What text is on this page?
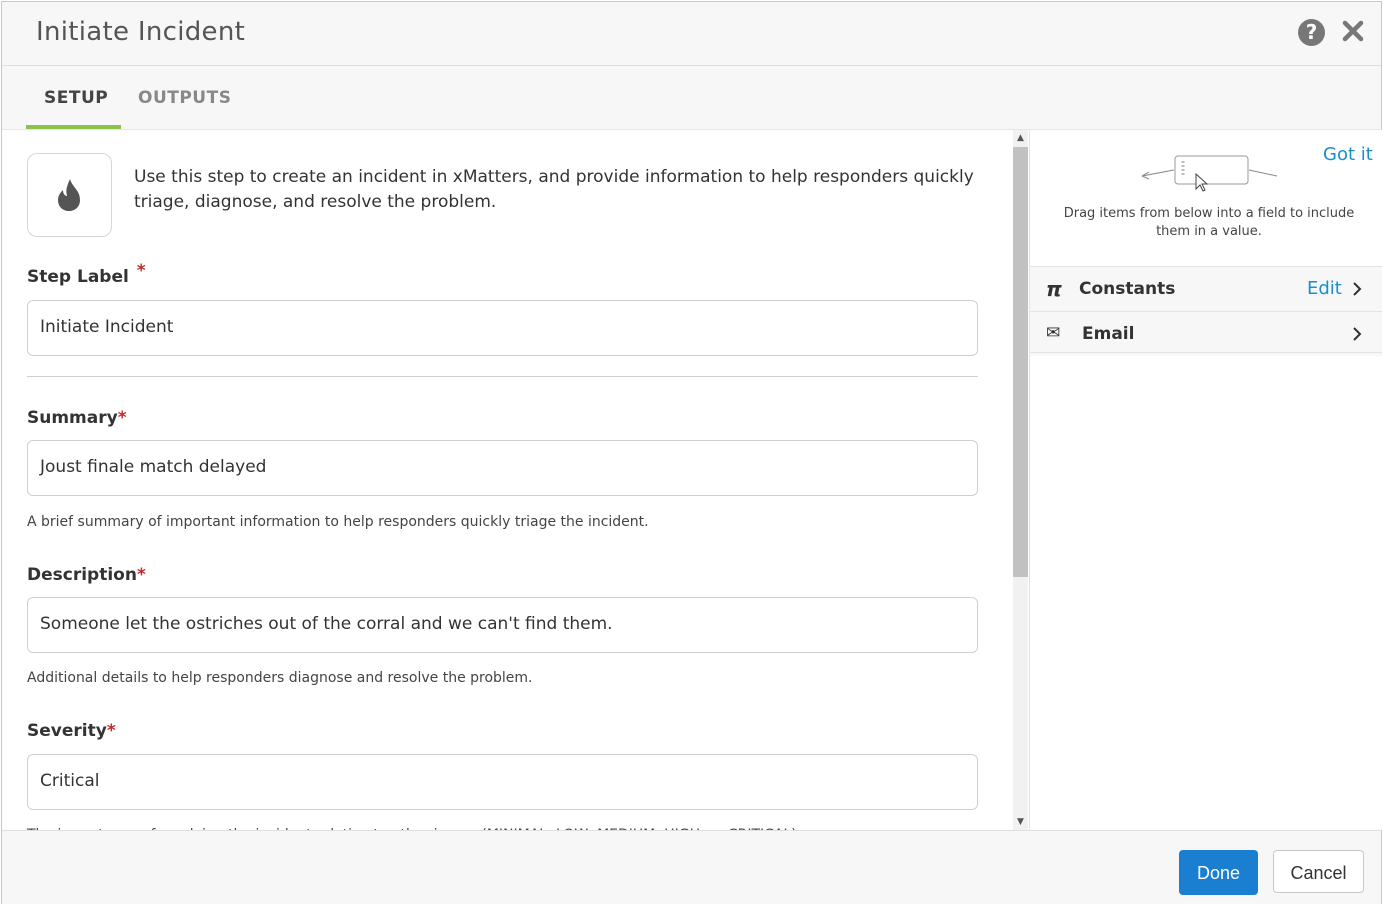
Initiate Incident	?
SETUP OUTPUTS
Use this step to create an incident in xMatters, and provide information to help responders quickly triage, diagnose, and resolve the problem.
Step Label *
Initiate Incident
Summary*
Joust finale match delayed
A brief summary of important information to help responders quickly triage the incident.
Description*
Someone let the ostriches out of the corral and we can't find them.
Additional details to help responders diagnose and resolve the problem.
Severity*
Critical
▲
▼
Got it
Drag items from below into a field to include them in a value.
π Constants	Edit
✉ Email
Done	Cancel
